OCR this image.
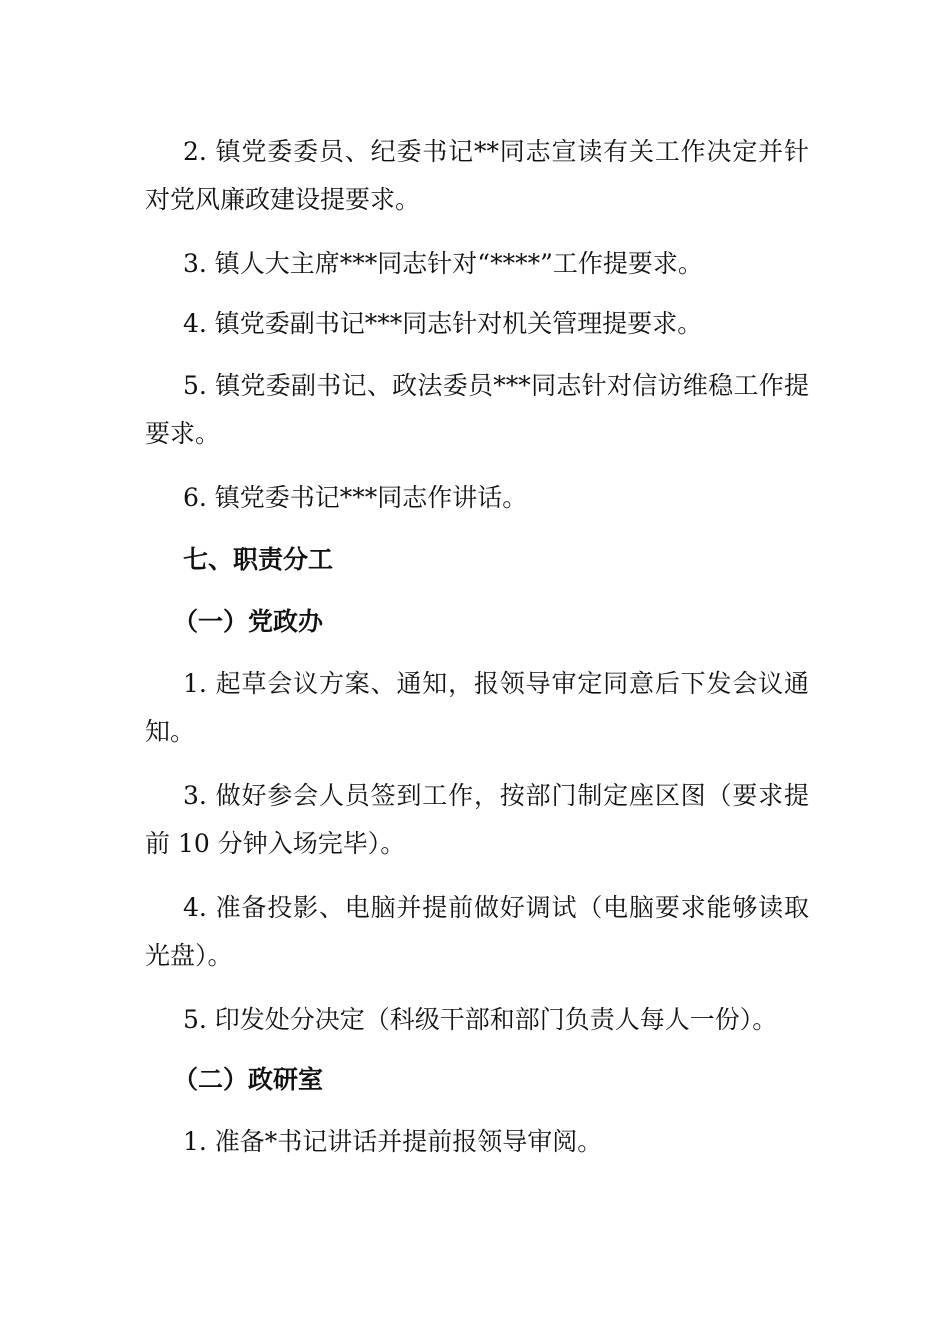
2. 镇党委委员、纪委书记**同志宣读有关工作决定并针对党风廉政建设提要求。

3. 镇人大主席***同志针对“****”工作提要求。

4. 镇党委副书记***同志针对机关管理提要求。

5. 镇党委副书记、政法委员***同志针对信访维稳工作提要求。

6. 镇党委书记***同志作讲话。

七、职责分工

（一）党政办

1. 起草会议方案、通知，报领导审定同意后下发会议通知。

3. 做好参会人员签到工作，按部门制定座区图（要求提前 10 分钟入场完毕）。

4. 准备投影、电脑并提前做好调试（电脑要求能够读取光盘）。

5. 印发处分决定（科级干部和部门负责人每人一份）。

（二）政研室

1. 准备*书记讲话并提前报领导审阅。
